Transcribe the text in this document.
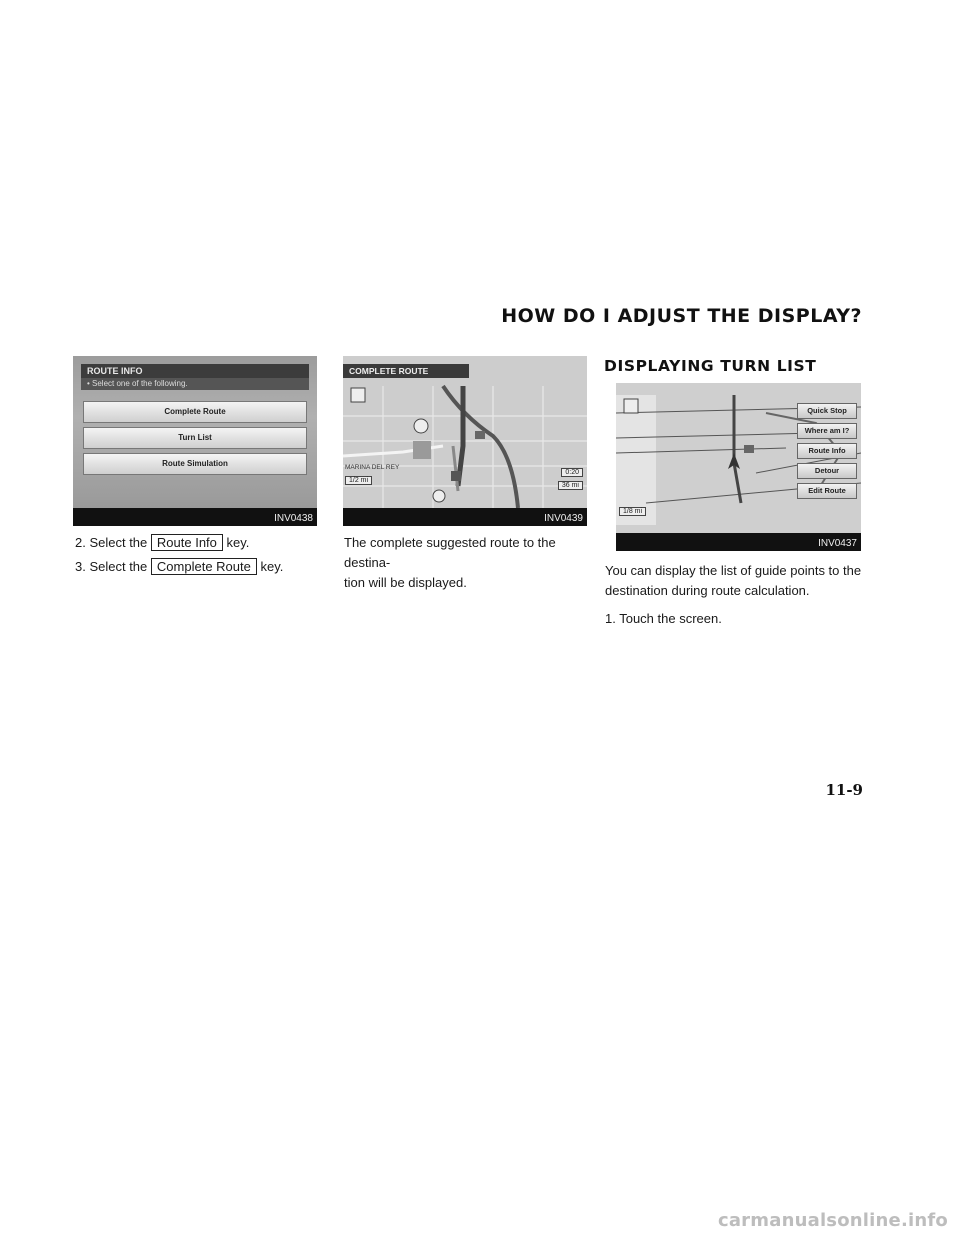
HOW DO I ADJUST THE DISPLAY?
DISPLAYING TURN LIST
ROUTE INFO
• Select one of the following.
Complete Route
Turn List
Route Simulation
INV0438
COMPLETE ROUTE
1/2 mi
0:20
36 mi
MARINA DEL REY
INV0439
Quick Stop
Where am I?
Route Info
Detour
Edit Route
1/8 mi
INV0437

2. Select the Route Info key.

3. Select the Complete Route key.

The complete suggested route to the destina-
tion will be displayed.
You can display the list of guide points to the
destination during route calculation.
1. Touch the screen.
11-9
carmanualsonline.info
